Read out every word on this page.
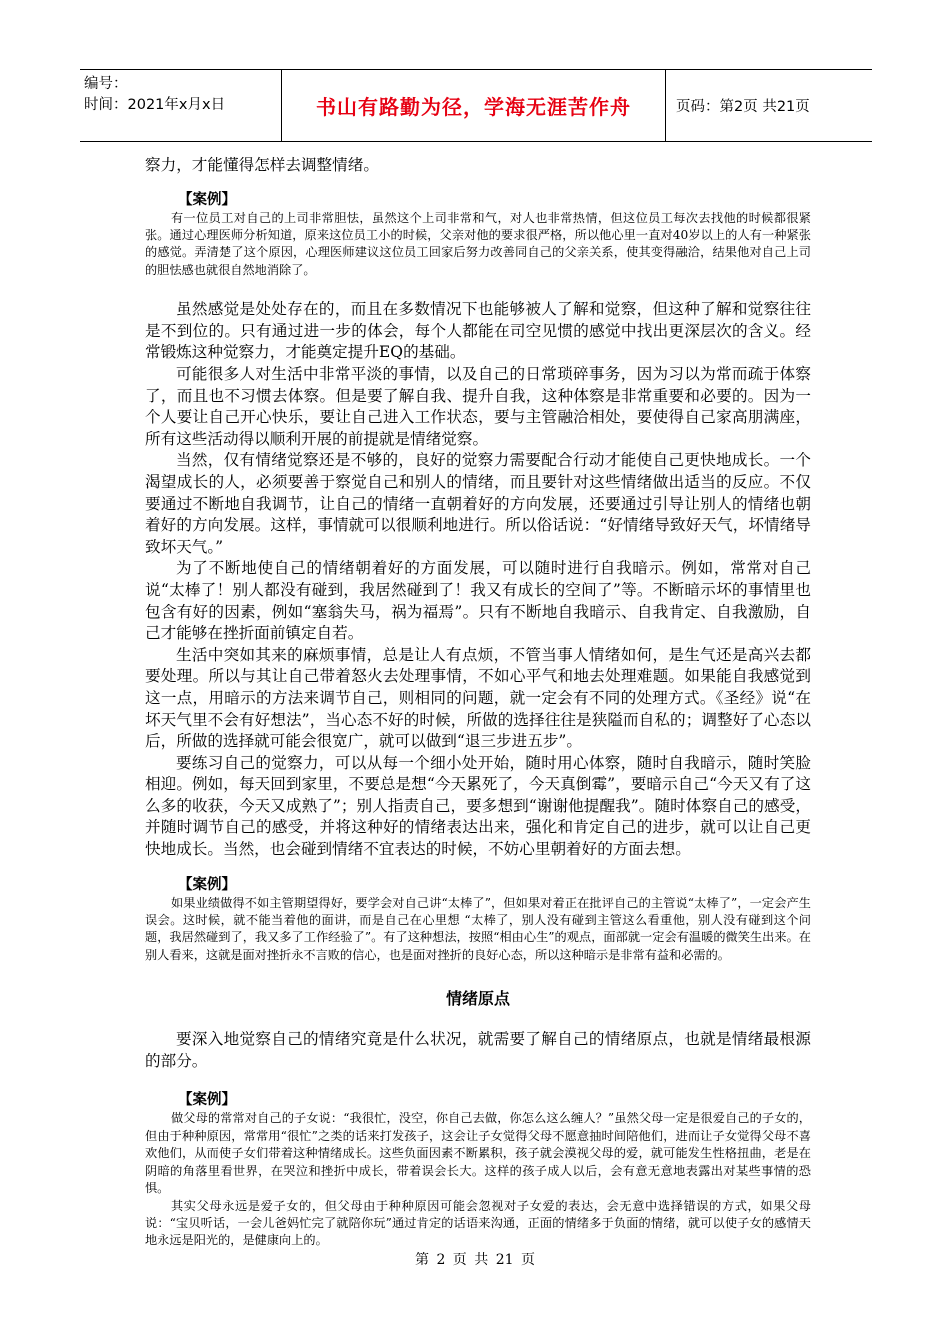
编号：
时间：2021年x月x日	书山有路勤为径，学海无涯苦作舟	页码：第2页 共21页

察力，才能懂得怎样去调整情绪。

【案例】

有一位员工对自己的上司非常胆怯，虽然这个上司非常和气，对人也非常热情，但这位员工每次去找他的时候都很紧张。通过心理医师分析知道，原来这位员工小的时候，父亲对他的要求很严格，所以他心里一直对40岁以上的人有一种紧张的感觉。弄清楚了这个原因，心理医师建议这位员工回家后努力改善同自己的父亲关系，使其变得融洽，结果他对自己上司的胆怯感也就很自然地消除了。

虽然感觉是处处存在的，而且在多数情况下也能够被人了解和觉察，但这种了解和觉察往往是不到位的。只有通过进一步的体会，每个人都能在司空见惯的感觉中找出更深层次的含义。经常锻炼这种觉察力，才能奠定提升EQ的基础。

可能很多人对生活中非常平淡的事情，以及自己的日常琐碎事务，因为习以为常而疏于体察了，而且也不习惯去体察。但是要了解自我、提升自我，这种体察是非常重要和必要的。因为一个人要让自己开心快乐，要让自己进入工作状态，要与主管融洽相处，要使得自己家高朋满座，所有这些活动得以顺利开展的前提就是情绪觉察。

当然，仅有情绪觉察还是不够的，良好的觉察力需要配合行动才能使自己更快地成长。一个渴望成长的人，必须要善于察觉自己和别人的情绪，而且要针对这些情绪做出适当的反应。不仅要通过不断地自我调节，让自己的情绪一直朝着好的方向发展，还要通过引导让别人的情绪也朝着好的方向发展。这样，事情就可以很顺利地进行。所以俗话说：“好情绪导致好天气，坏情绪导致坏天气。”

为了不断地使自己的情绪朝着好的方面发展，可以随时进行自我暗示。例如，常常对自己说“太棒了！别人都没有碰到，我居然碰到了！我又有成长的空间了”等。不断暗示坏的事情里也包含有好的因素，例如“塞翁失马，祸为福焉”。只有不断地自我暗示、自我肯定、自我激励，自己才能够在挫折面前镇定自若。

生活中突如其来的麻烦事情，总是让人有点烦，不管当事人情绪如何，是生气还是高兴去都要处理。所以与其让自己带着怒火去处理事情，不如心平气和地去处理难题。如果能自我感觉到这一点，用暗示的方法来调节自己，则相同的问题，就一定会有不同的处理方式。《圣经》说“在坏天气里不会有好想法”，当心态不好的时候，所做的选择往往是狭隘而自私的；调整好了心态以后，所做的选择就可能会很宽广，就可以做到“退三步进五步”。

要练习自己的觉察力，可以从每一个细小处开始，随时用心体察，随时自我暗示，随时笑脸相迎。例如，每天回到家里，不要总是想“今天累死了，今天真倒霉”，要暗示自己“今天又有了这么多的收获，今天又成熟了”；别人指责自己，要多想到“谢谢他提醒我”。随时体察自己的感受，并随时调节自己的感受，并将这种好的情绪表达出来，强化和肯定自己的进步，就可以让自己更快地成长。当然，也会碰到情绪不宜表达的时候，不妨心里朝着好的方面去想。

【案例】

如果业绩做得不如主管期望得好，要学会对自己讲“太棒了”，但如果对着正在批评自己的主管说“太棒了”，一定会产生误会。这时候，就不能当着他的面讲，而是自己在心里想 “太棒了，别人没有碰到主管这么看重他，别人没有碰到这个问题，我居然碰到了，我又多了工作经验了”。有了这种想法，按照“相由心生”的观点，面部就一定会有温暖的微笑生出来。在别人看来，这就是面对挫折永不言败的信心，也是面对挫折的良好心态，所以这种暗示是非常有益和必需的。

情绪原点

要深入地觉察自己的情绪究竟是什么状况，就需要了解自己的情绪原点，也就是情绪最根源的部分。

【案例】

做父母的常常对自己的子女说：“我很忙，没空，你自己去做，你怎么这么缠人？”虽然父母一定是很爱自己的子女的，但由于种种原因，常常用“很忙”之类的话来打发孩子，这会让子女觉得父母不愿意抽时间陪他们，进而让子女觉得父母不喜欢他们，从而使子女们带着这种情绪成长。这些负面因素不断累积，孩子就会漠视父母的爱，就可能发生性格扭曲，老是在阴暗的角落里看世界，在哭泣和挫折中成长，带着误会长大。这样的孩子成人以后，会有意无意地表露出对某些事情的恐惧。

其实父母永远是爱子女的，但父母由于种种原因可能会忽视对子女爱的表达，会无意中选择错误的方式，如果父母说：“宝贝听话，一会儿爸妈忙完了就陪你玩”通过肯定的话语来沟通，正面的情绪多于负面的情绪，就可以使子女的感情天地永远是阳光的，是健康向上的。

第 2 页 共 21 页
